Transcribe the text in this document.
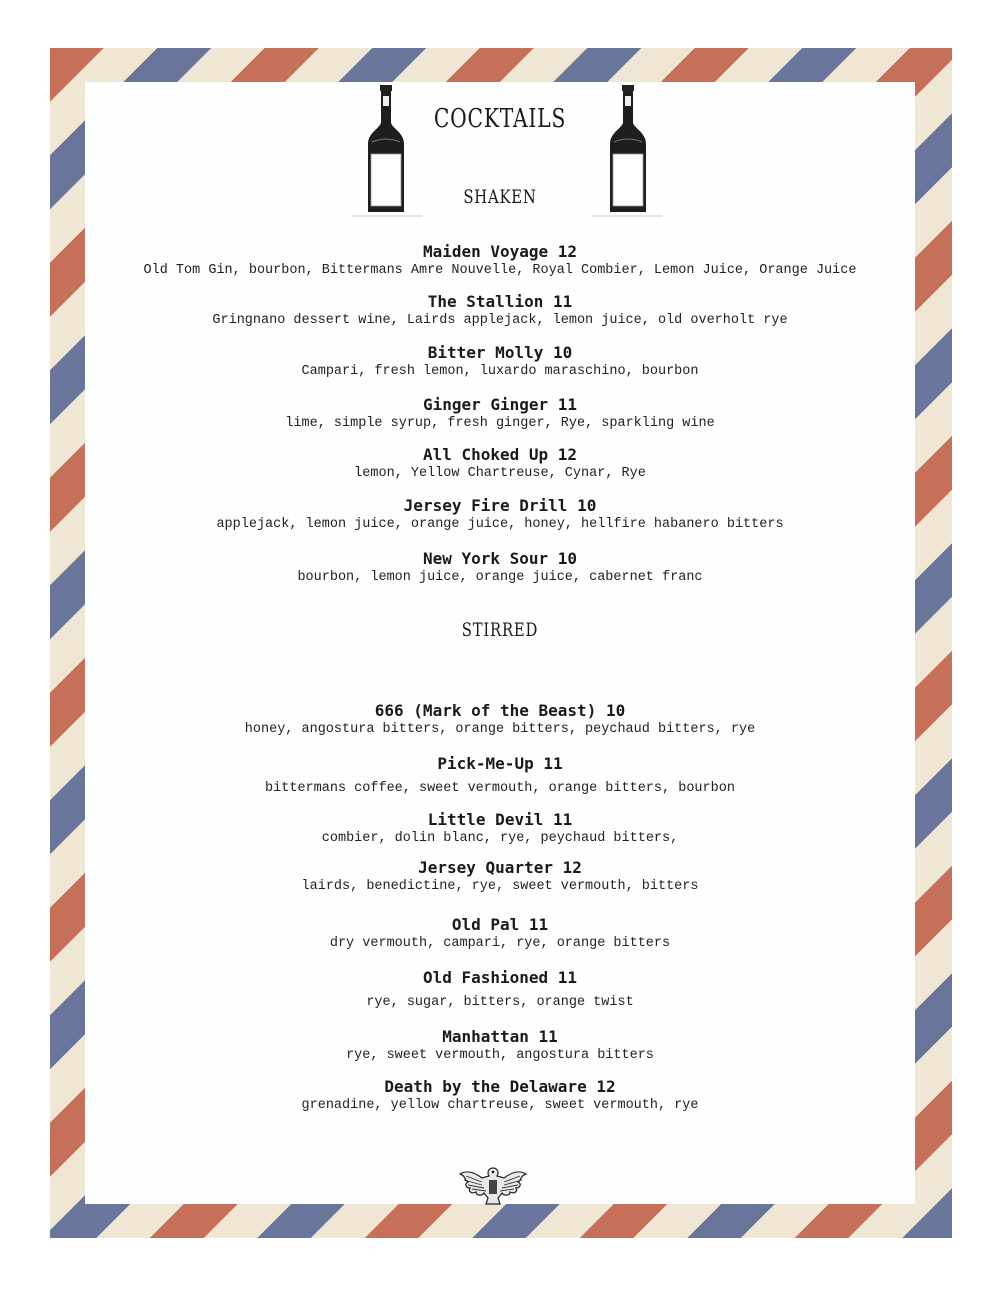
COCKTAILS
SHAKEN
Maiden Voyage 12
Old Tom Gin, bourbon, Bittermans Amre Nouvelle, Royal Combier, Lemon Juice, Orange Juice
The Stallion 11
Gringnano dessert wine, Lairds applejack, lemon juice, old overholt rye
Bitter Molly 10
Campari, fresh lemon, luxardo maraschino, bourbon
Ginger Ginger 11
lime, simple syrup, fresh ginger, Rye, sparkling wine
All Choked Up 12
lemon, Yellow Chartreuse, Cynar, Rye
Jersey Fire Drill 10
applejack, lemon juice, orange juice, honey, hellfire habanero bitters
New York Sour 10
bourbon, lemon juice, orange juice, cabernet franc
STIRRED
666 (Mark of the Beast) 10
honey, angostura bitters, orange bitters, peychaud bitters, rye
Pick-Me-Up 11
bittermans coffee, sweet vermouth, orange bitters, bourbon
Little Devil 11
combier, dolin blanc, rye, peychaud bitters,
Jersey Quarter 12
lairds, benedictine, rye, sweet vermouth, bitters
Old Pal 11
dry vermouth, campari, rye, orange bitters
Old Fashioned 11
rye, sugar, bitters, orange twist
Manhattan 11
rye, sweet vermouth, angostura bitters
Death by the Delaware 12
grenadine, yellow chartreuse, sweet vermouth, rye
